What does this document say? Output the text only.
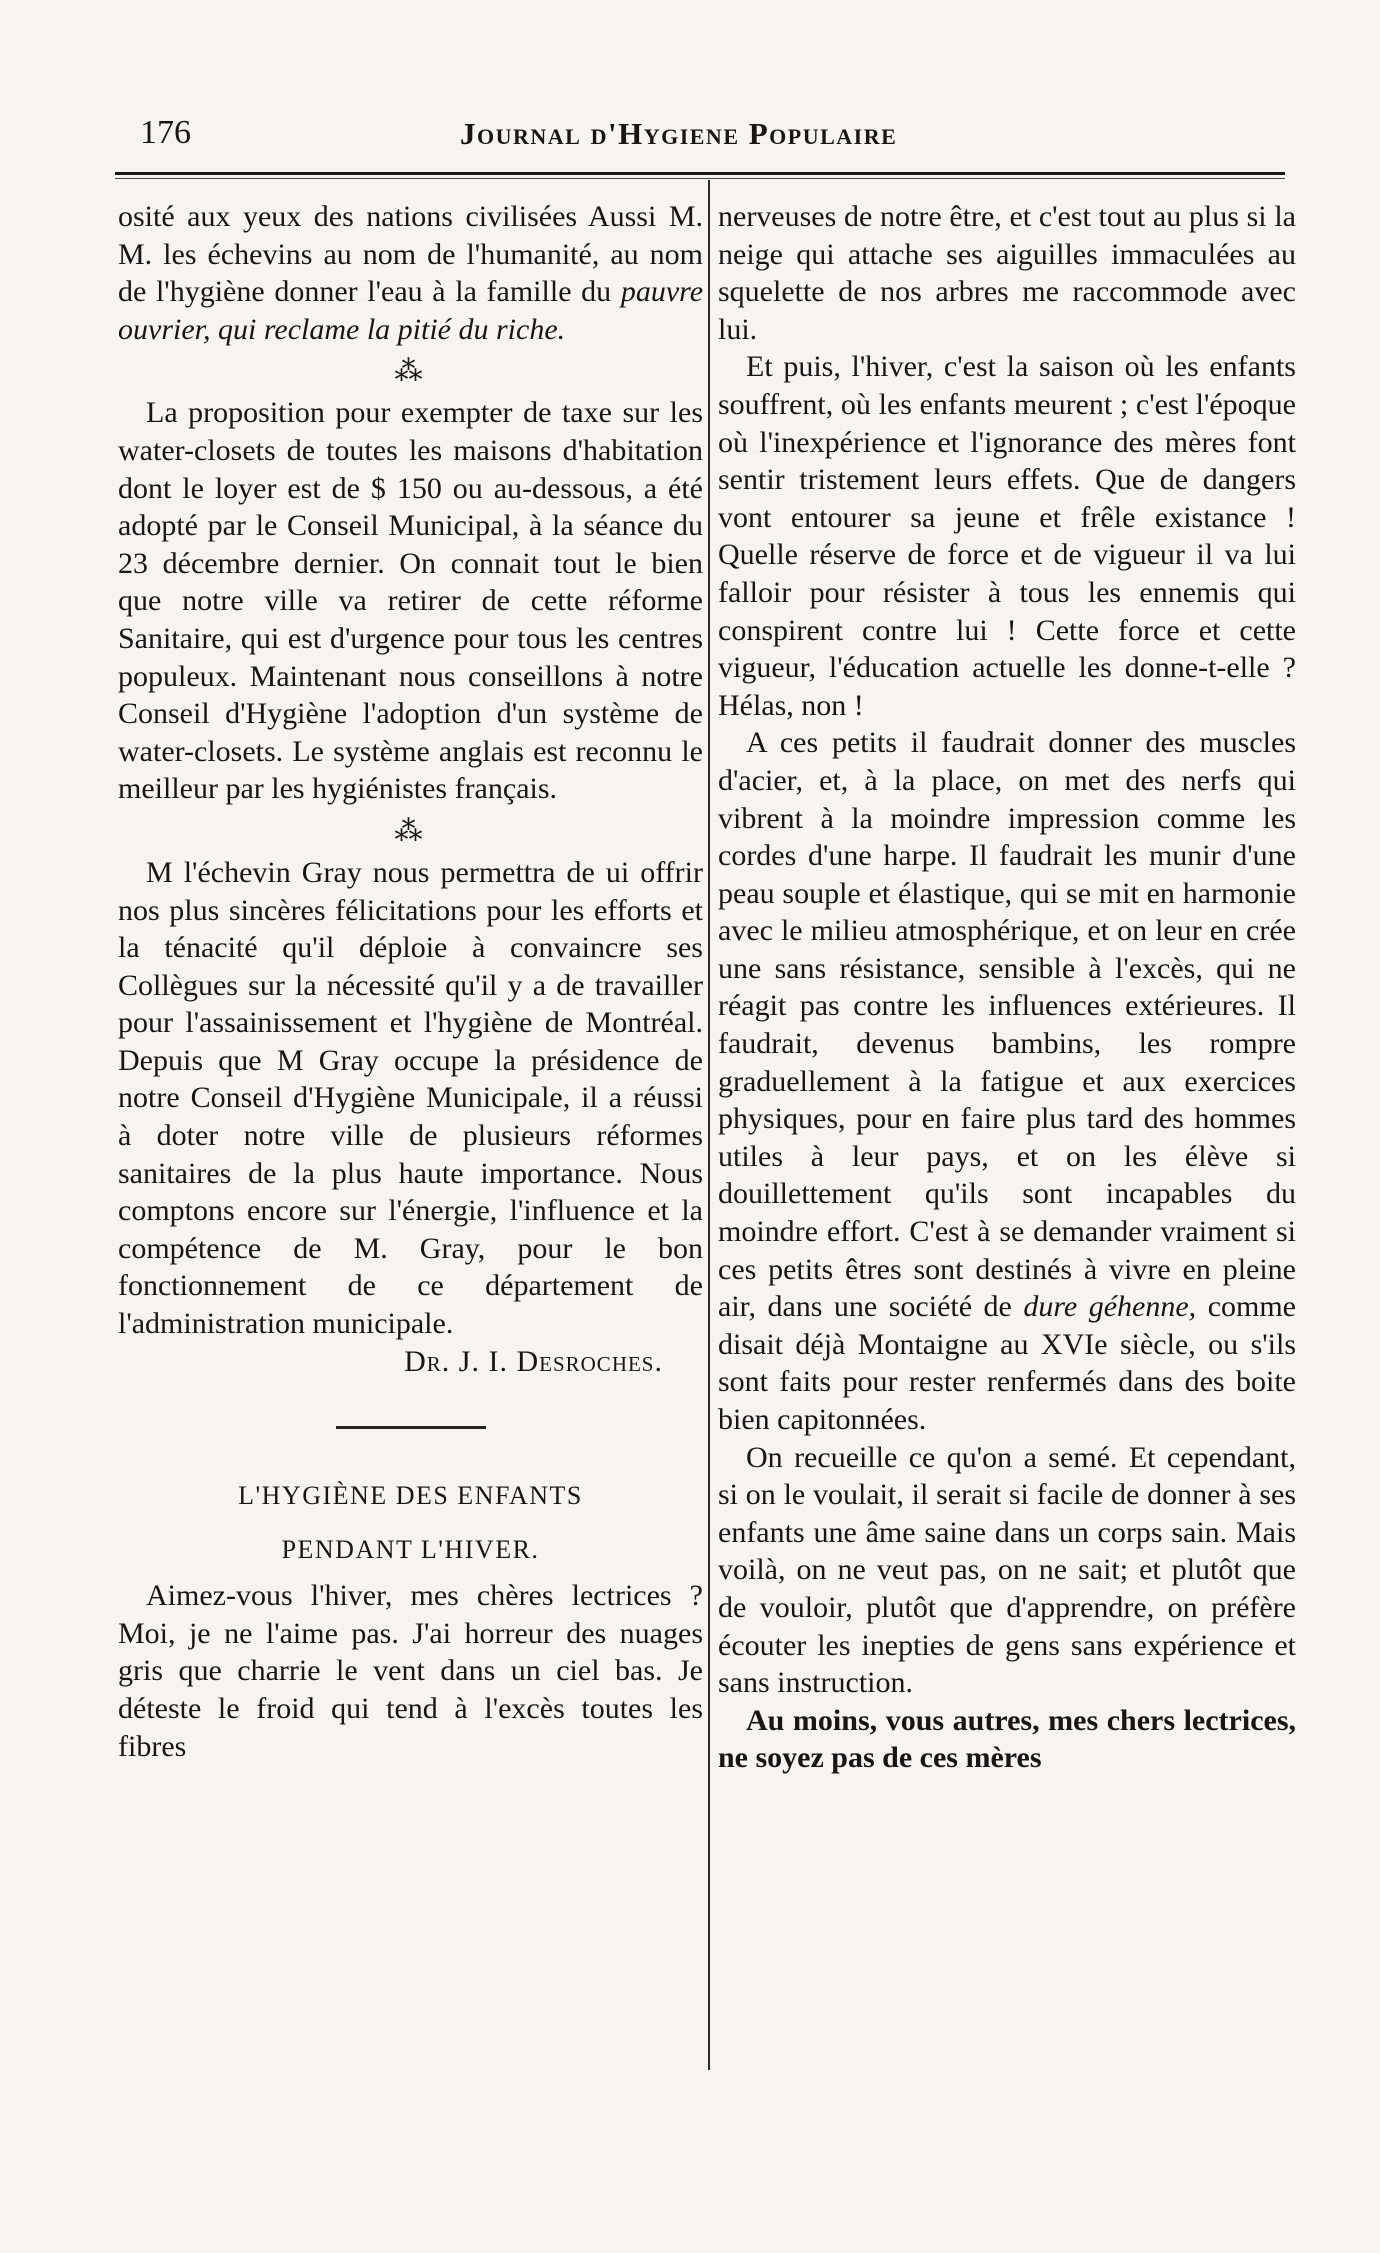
176	Journal d'Hygiene Populaire

osité aux yeux des nations civilisées Aussi M. M. les échevins au nom de l'humanité, au nom de l'hygiène donner l'eau à la famille du pauvre ouvrier, qui reclame la pitié du riche.

⁂

La proposition pour exempter de taxe sur les water-closets de toutes les maisons d'habitation dont le loyer est de $ 150 ou au-dessous, a été adopté par le Conseil Municipal, à la séance du 23 décembre dernier. On connait tout le bien que notre ville va retirer de cette réforme Sanitaire, qui est d'urgence pour tous les centres populeux. Maintenant nous conseillons à notre Conseil d'Hygiène l'adoption d'un système de water-closets. Le système anglais est reconnu le meilleur par les hygiénistes français.

⁂

M l'échevin Gray nous permettra de ui offrir nos plus sincères félicitations pour les efforts et la ténacité qu'il déploie à convaincre ses Collègues sur la nécessité qu'il y a de travailler pour l'assainissement et l'hygiène de Montréal. Depuis que M Gray occupe la présidence de notre Conseil d'Hygiène Municipale, il a réussi à doter notre ville de plusieurs réformes sanitaires de la plus haute importance. Nous comptons encore sur l'énergie, l'influence et la compétence de M. Gray, pour le bon fonctionnement de ce département de l'administration municipale.

Dr. J. I. Desroches.

L'HYGIÈNE DES ENFANTS
PENDANT L'HIVER.

Aimez-vous l'hiver, mes chères lectrices ? Moi, je ne l'aime pas. J'ai horreur des nuages gris que charrie le vent dans un ciel bas. Je déteste le froid qui tend à l'excès toutes les fibres

nerveuses de notre être, et c'est tout au plus si la neige qui attache ses aiguilles immaculées au squelette de nos arbres me raccommode avec lui.

Et puis, l'hiver, c'est la saison où les enfants souffrent, où les enfants meurent ; c'est l'époque où l'inexpérience et l'ignorance des mères font sentir tristement leurs effets. Que de dangers vont entourer sa jeune et frêle existance ! Quelle réserve de force et de vigueur il va lui falloir pour résister à tous les ennemis qui conspirent contre lui ! Cette force et cette vigueur, l'éducation actuelle les donne-t-elle ? Hélas, non !

A ces petits il faudrait donner des muscles d'acier, et, à la place, on met des nerfs qui vibrent à la moindre impression comme les cordes d'une harpe. Il faudrait les munir d'une peau souple et élastique, qui se mit en harmonie avec le milieu atmosphérique, et on leur en crée une sans résistance, sensible à l'excès, qui ne réagit pas contre les influences extérieures. Il faudrait, devenus bambins, les rompre graduellement à la fatigue et aux exercices physiques, pour en faire plus tard des hommes utiles à leur pays, et on les élève si douillettement qu'ils sont incapables du moindre effort. C'est à se demander vraiment si ces petits êtres sont destinés à vivre en pleine air, dans une société de dure géhenne, comme disait déjà Montaigne au XVIe siècle, ou s'ils sont faits pour rester renfermés dans des boite bien capitonnées.

On recueille ce qu'on a semé. Et cependant, si on le voulait, il serait si facile de donner à ses enfants une âme saine dans un corps sain. Mais voilà, on ne veut pas, on ne sait; et plutôt que de vouloir, plutôt que d'apprendre, on préfère écouter les inepties de gens sans expérience et sans instruction.

Au moins, vous autres, mes chers lectrices, ne soyez pas de ces mères
